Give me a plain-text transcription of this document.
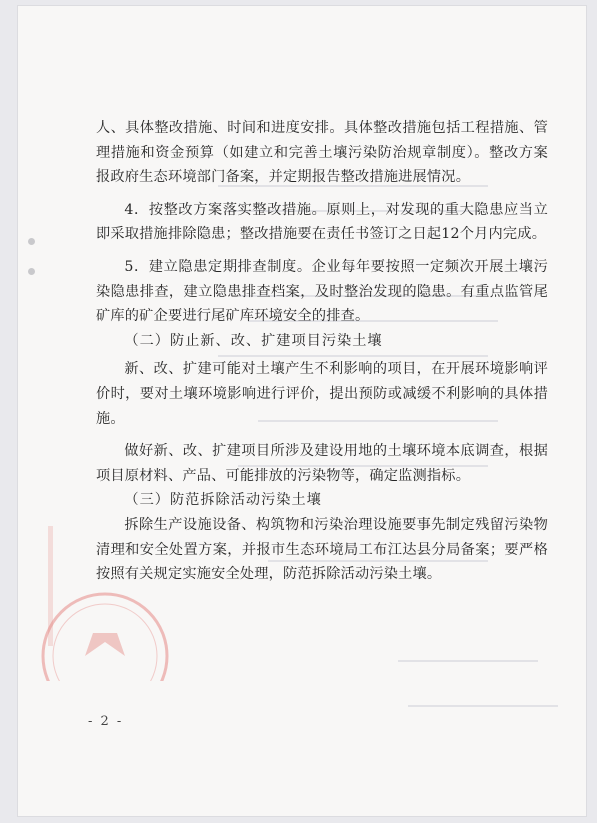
人、具体整改措施、时间和进度安排。具体整改措施包括工程措施、管理措施和资金预算（如建立和完善土壤污染防治规章制度）。整改方案报政府生态环境部门备案，并定期报告整改措施进展情况。

4．按整改方案落实整改措施。原则上，对发现的重大隐患应当立即采取措施排除隐患；整改措施要在责任书签订之日起12个月内完成。

5．建立隐患定期排查制度。企业每年要按照一定频次开展土壤污染隐患排查，建立隐患排查档案，及时整治发现的隐患。有重点监管尾矿库的矿企要进行尾矿库环境安全的排查。

（二）防止新、改、扩建项目污染土壤

新、改、扩建可能对土壤产生不利影响的项目，在开展环境影响评价时，要对土壤环境影响进行评价，提出预防或减缓不利影响的具体措施。

做好新、改、扩建项目所涉及建设用地的土壤环境本底调查，根据项目原材料、产品、可能排放的污染物等，确定监测指标。

（三）防范拆除活动污染土壤

拆除生产设施设备、构筑物和污染治理设施要事先制定残留污染物清理和安全处置方案，并报市生态环境局工布江达县分局备案；要严格按照有关规定实施安全处理，防范拆除活动污染土壤。

- 2 -
